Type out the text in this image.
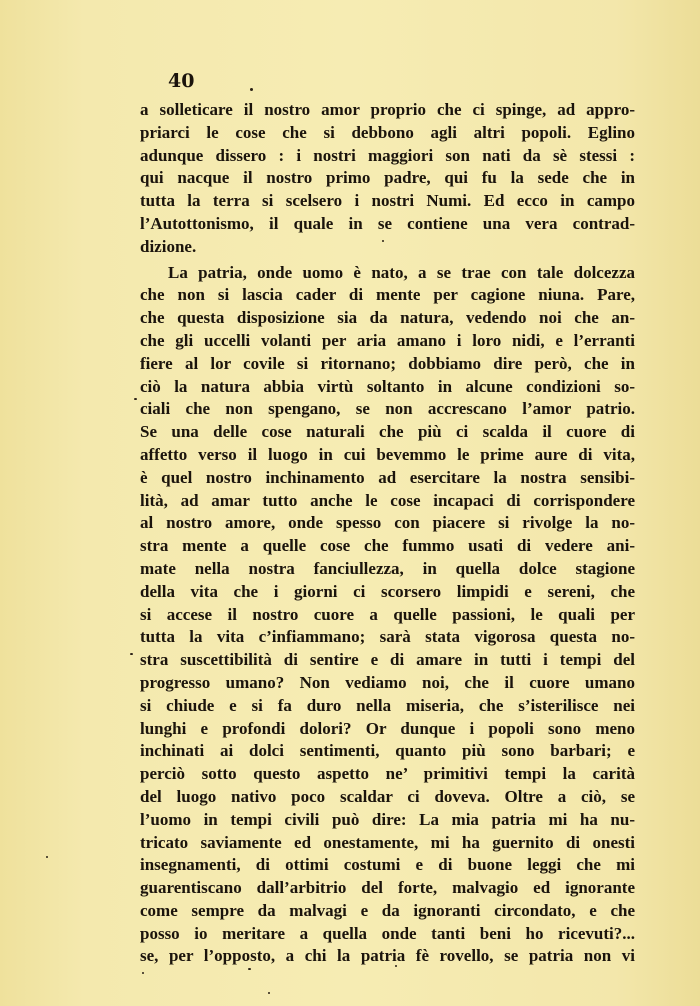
40
a solleticare il nostro amor proprio che ci spinge, ad appro-
priarci le cose che si debbono agli altri popoli. Eglino
adunque dissero : i nostri maggiori son nati da sè stessi :
qui nacque il nostro primo padre, qui fu la sede che in
tutta la terra si scelsero i nostri Numi. Ed ecco in campo
l’Autottonismo, il quale in se contiene una vera contrad-
dizione.
La patria, onde uomo è nato, a se trae con tale dolcezza
che non si lascia cader di mente per cagione niuna. Pare,
che questa disposizione sia da natura, vedendo noi che an-
che gli uccelli volanti per aria amano i loro nidi, e l’erranti
fiere al lor covile si ritornano; dobbiamo dire però, che in
ciò la natura abbia virtù soltanto in alcune condizioni so-
ciali che non spengano, se non accrescano l’amor patrio.
Se una delle cose naturali che più ci scalda il cuore di
affetto verso il luogo in cui bevemmo le prime aure di vita,
è quel nostro inchinamento ad esercitare la nostra sensibi-
lità, ad amar tutto anche le cose incapaci di corrispondere
al nostro amore, onde spesso con piacere si rivolge la no-
stra mente a quelle cose che fummo usati di vedere ani-
mate nella nostra fanciullezza, in quella dolce stagione
della vita che i giorni ci scorsero limpidi e sereni, che
si accese il nostro cuore a quelle passioni, le quali per
tutta la vita c’infiammano; sarà stata vigorosa questa no-
stra suscettibilità di sentire e di amare in tutti i tempi del
progresso umano? Non vediamo noi, che il cuore umano
si chiude e si fa duro nella miseria, che s’isterilisce nei
lunghi e profondi dolori? Or dunque i popoli sono meno
inchinati ai dolci sentimenti, quanto più sono barbari; e
perciò sotto questo aspetto ne’ primitivi tempi la carità
del luogo nativo poco scaldar ci doveva. Oltre a ciò, se
l’uomo in tempi civili può dire: La mia patria mi ha nu-
tricato saviamente ed onestamente, mi ha guernito di onesti
insegnamenti, di ottimi costumi e di buone leggi che mi
guarentiscano dall’arbitrio del forte, malvagio ed ignorante
come sempre da malvagi e da ignoranti circondato, e che
posso io meritare a quella onde tanti beni ho ricevuti?...
se, per l’opposto, a chi la patria fè rovello, se patria non vi
